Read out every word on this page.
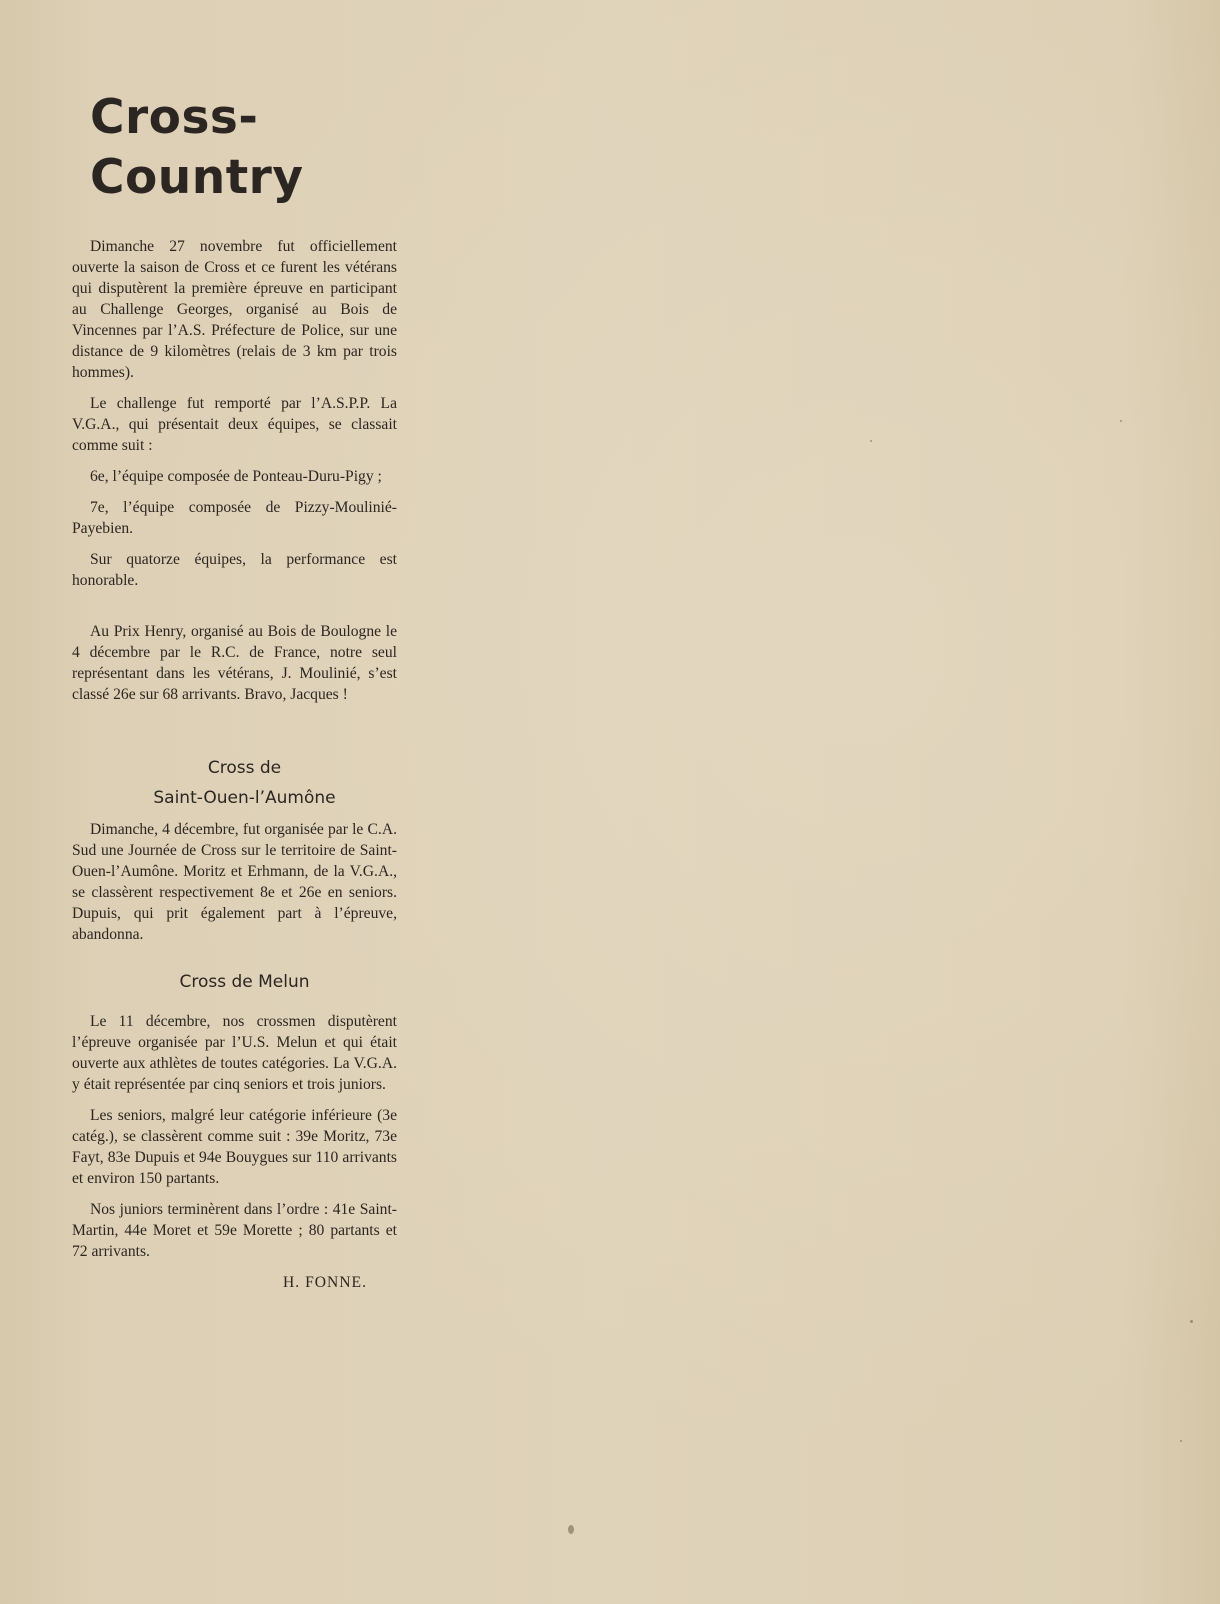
Cross-Country

Dimanche 27 novembre fut officiellement ouverte la saison de Cross et ce furent les vétérans qui disputèrent la première épreuve en participant au Challenge Georges, organisé au Bois de Vincennes par l’A.S. Préfecture de Police, sur une distance de 9 kilomètres (relais de 3 km par trois hommes).

Le challenge fut remporté par l’A.S.P.P. La V.G.A., qui présentait deux équipes, se classait comme suit :

6e, l’équipe composée de Ponteau-Duru-Pigy ;

7e, l’équipe composée de Pizzy-Moulinié-Payebien.

Sur quatorze équipes, la performance est honorable.

Au Prix Henry, organisé au Bois de Boulogne le 4 décembre par le R.C. de France, notre seul représentant dans les vétérans, J. Moulinié, s’est classé 26e sur 68 arrivants. Bravo, Jacques !

Cross de
Saint-Ouen-l’Aumône

Dimanche, 4 décembre, fut organisée par le C.A. Sud une Journée de Cross sur le territoire de Saint-Ouen-l’Aumône. Moritz et Erhmann, de la V.G.A., se classèrent respectivement 8e et 26e en seniors. Dupuis, qui prit également part à l’épreuve, abandonna.

Cross de Melun

Le 11 décembre, nos crossmen disputèrent l’épreuve organisée par l’U.S. Melun et qui était ouverte aux athlètes de toutes catégories. La V.G.A. y était représentée par cinq seniors et trois juniors.

Les seniors, malgré leur catégorie inférieure (3e catég.), se classèrent comme suit : 39e Moritz, 73e Fayt, 83e Dupuis et 94e Bouygues sur 110 arrivants et environ 150 partants.

Nos juniors terminèrent dans l’ordre : 41e Saint-Martin, 44e Moret et 59e Morette ; 80 partants et 72 arrivants.

H. FONNE.
